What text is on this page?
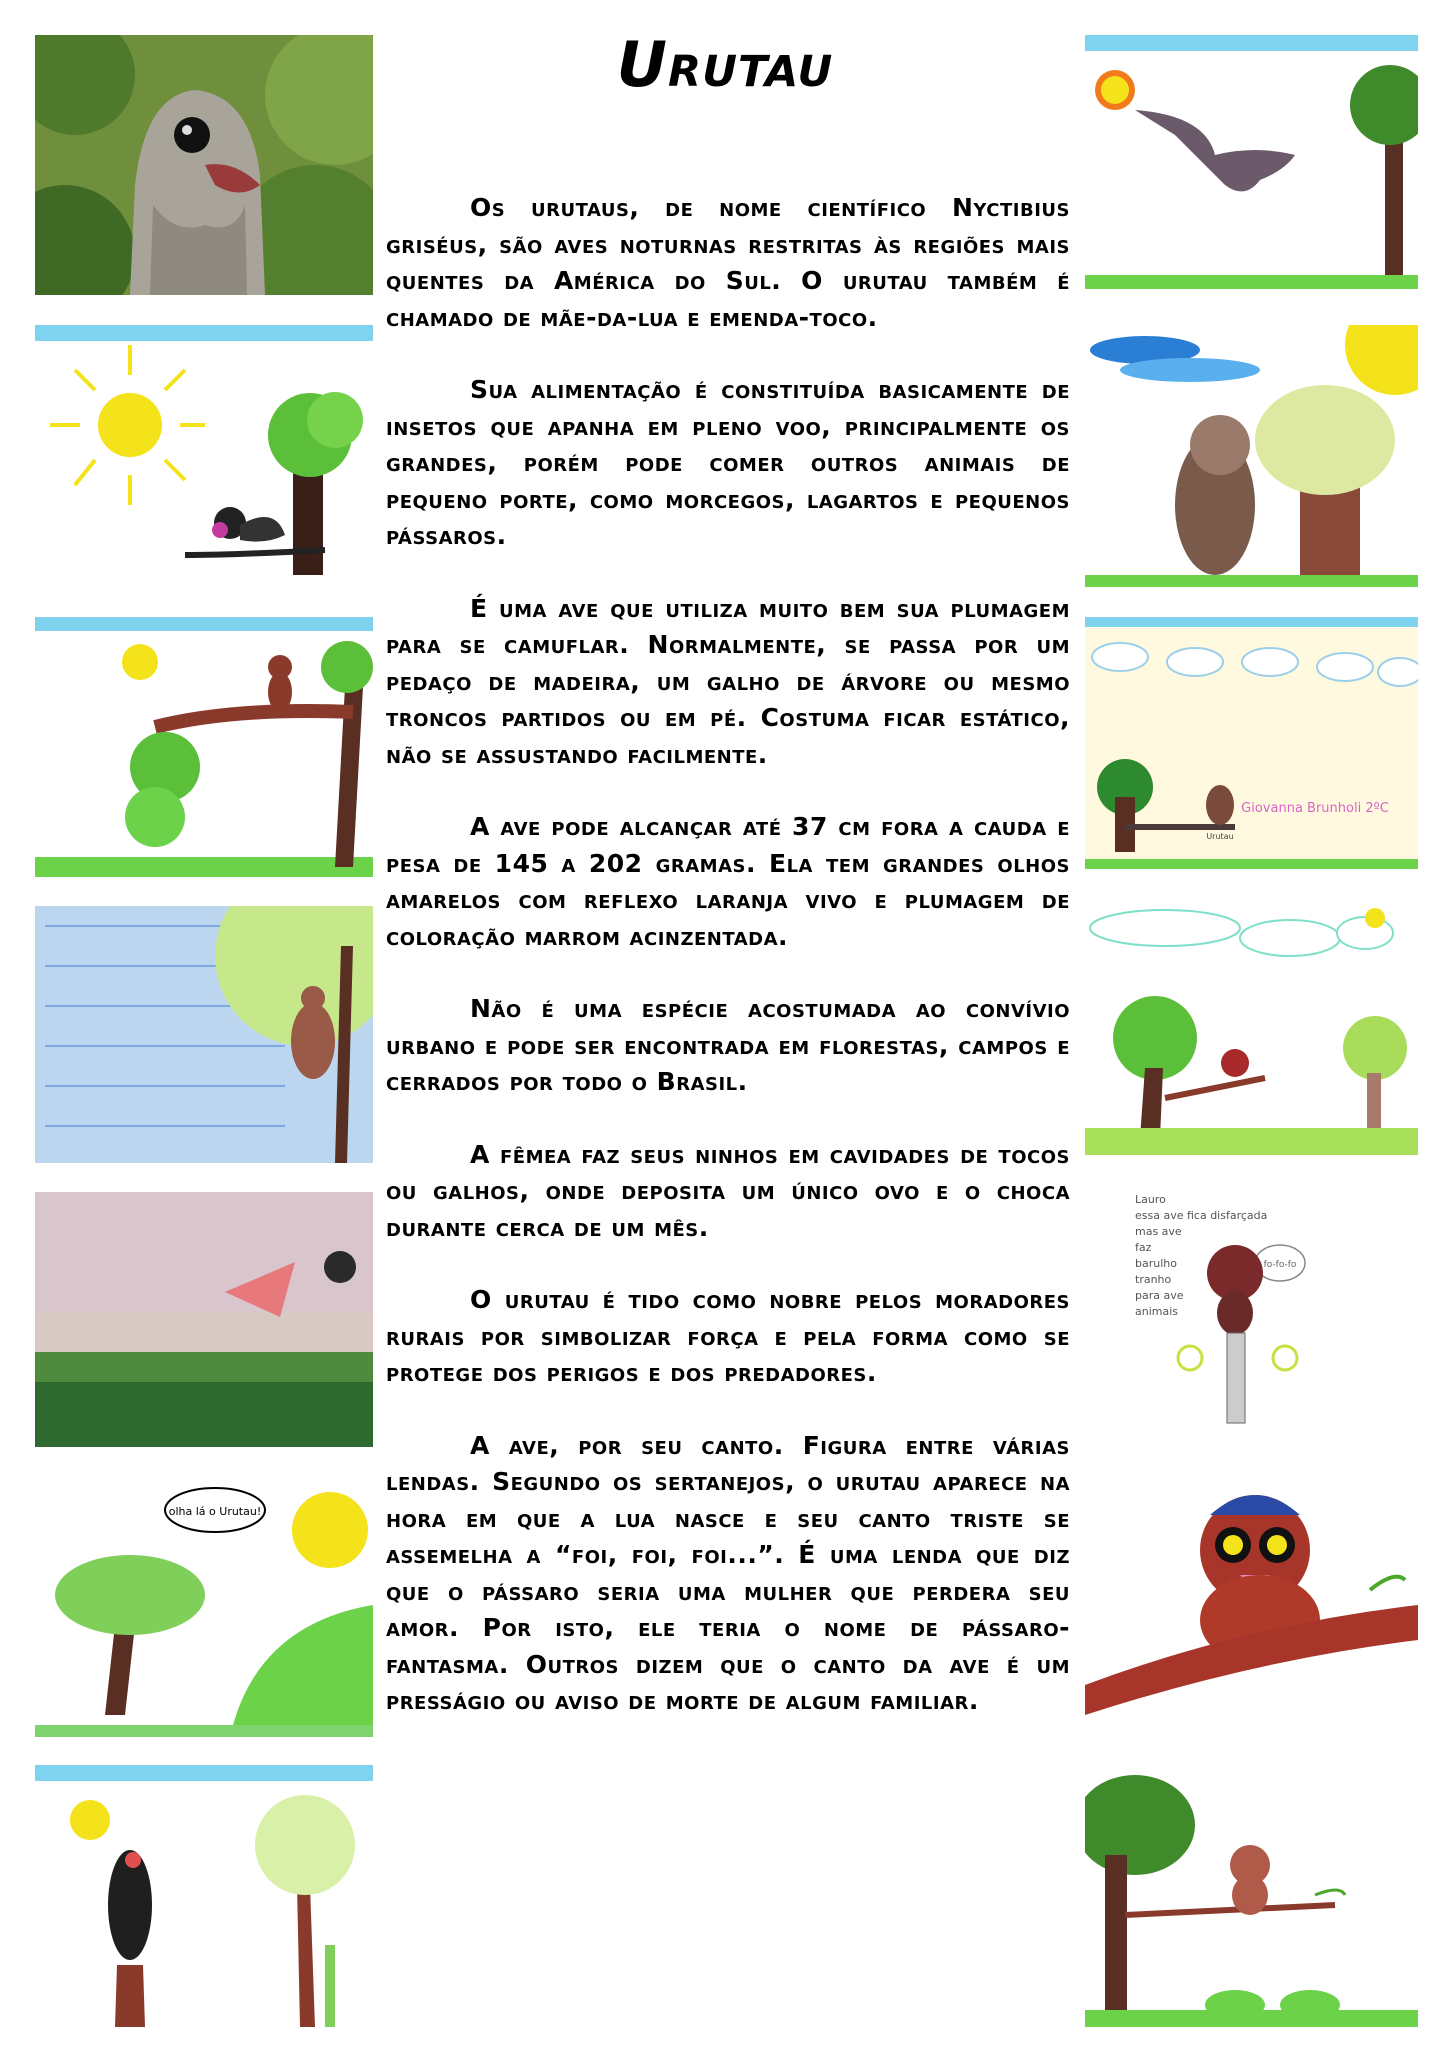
Urutau

Os urutaus, de nome científico Nyctibius griséus, são aves noturnas restritas às regiões mais quentes da América do Sul. O urutau também é chamado de mãe-da-lua e emenda-toco.

Sua alimentação é constituída basicamente de insetos que apanha em pleno voo, principalmente os grandes, porém pode comer outros animais de pequeno porte, como morcegos, lagartos e pequenos pássaros.

É uma ave que utiliza muito bem sua plumagem para se camuflar. Normalmente, se passa por um pedaço de madeira, um galho de árvore ou mesmo troncos partidos ou em pé. Costuma ficar estático, não se assustando facilmente.

A ave pode alcançar até 37 cm fora a cauda e pesa de 145 a 202 gramas. Ela tem grandes olhos amarelos com reflexo laranja vivo e plumagem de coloração marrom acinzentada.

Não é uma espécie acostumada ao convívio urbano e pode ser encontrada em florestas, campos e cerrados por todo o Brasil.

A fêmea faz seus ninhos em cavidades de tocos ou galhos, onde deposita um único ovo e o choca durante cerca de um mês.

O urutau é tido como nobre pelos moradores rurais por simbolizar força e pela forma como se protege dos perigos e dos predadores.

A ave, por seu canto. Figura entre várias lendas. Segundo os sertanejos, o urutau aparece na hora em que a lua nasce e seu canto triste se assemelha a “foi, foi, foi...”. É uma lenda que diz que o pássaro seria uma mulher que perdera seu amor. Por isto, ele teria o nome de pássaro-fantasma. Outros dizem que o canto da ave é um presságio ou aviso de morte de algum familiar.

olha lá o Urutau!
Giovanna Brunholi 2ºC
Urutau
Lauro
essa ave fica disfarçada
mas ave
faz
barulho
tranho
para ave
animais
fo-fo-fo
